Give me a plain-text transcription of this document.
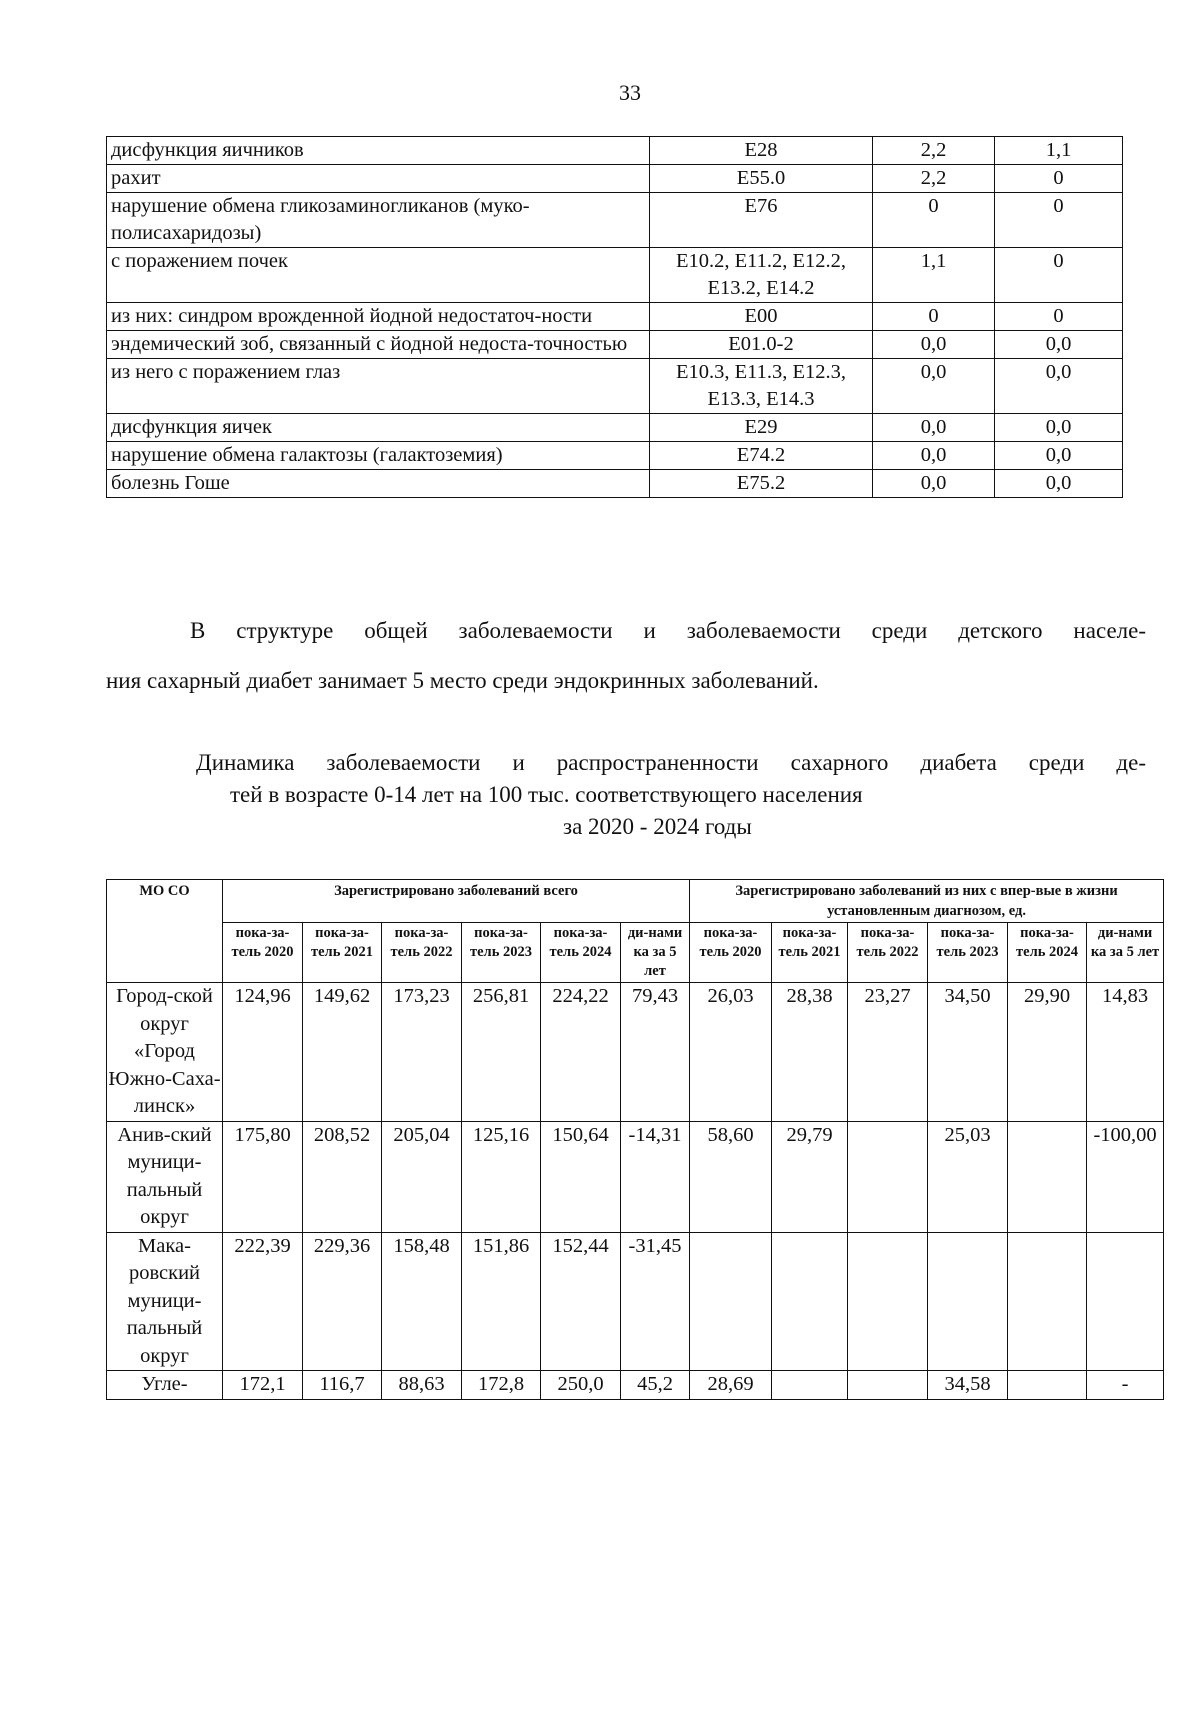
33
дисфункция яичников	E28	2,2	1,1
рахит	E55.0	2,2	0
нарушение обмена гликозаминогликанов (муко-полисахаридозы)	E76	0	0
с поражением почек	E10.2, E11.2, E12.2, E13.2, E14.2	1,1	0
из них: синдром врожденной йодной недостаточ-ности	E00	0	0
эндемический зоб, связанный с йодной недоста-точностью	E01.0-2	0,0	0,0
из него с поражением глаз	E10.3, E11.3, E12.3, E13.3, E14.3	0,0	0,0
дисфункция яичек	E29	0,0	0,0
нарушение обмена галактозы (галактоземия)	E74.2	0,0	0,0
болезнь Гоше	E75.2	0,0	0,0

В структуре общей заболеваемости и заболеваемости среди детского населе-

ния сахарный диабет занимает 5 место среди эндокринных заболеваний.

Динамика заболеваемости и распространенности сахарного диабета среди де-
тей в возрасте 0-14 лет на 100 тыс. соответствующего населения
за 2020 - 2024 годы
МО СО	Зарегистрировано заболеваний всего						Зарегистрировано заболеваний из них с впер-вые в жизни установленным диагнозом, ед.					
	пока-за-тель 2020	пока-за-тель 2021	пока-за-тель 2022	пока-за-тель 2023	пока-за-тель 2024	ди-нами ка за 5 лет	пока-за-тель 2020	пока-за-тель 2021	пока-за-тель 2022	пока-за-тель 2023	пока-за-тель 2024	ди-нами ка за 5 лет
Город-ской округ «Город Южно-Саха-линск»	124,96	149,62	173,23	256,81	224,22	79,43	26,03	28,38	23,27	34,50	29,90	14,83
Анив-ский муници-пальный округ	175,80	208,52	205,04	125,16	150,64	-14,31	58,60	29,79		25,03		-100,00
Мака-ровский муници-пальный округ	222,39	229,36	158,48	151,86	152,44	-31,45						
Угле-	172,1	116,7	88,63	172,8	250,0	45,2	28,69			34,58		-
